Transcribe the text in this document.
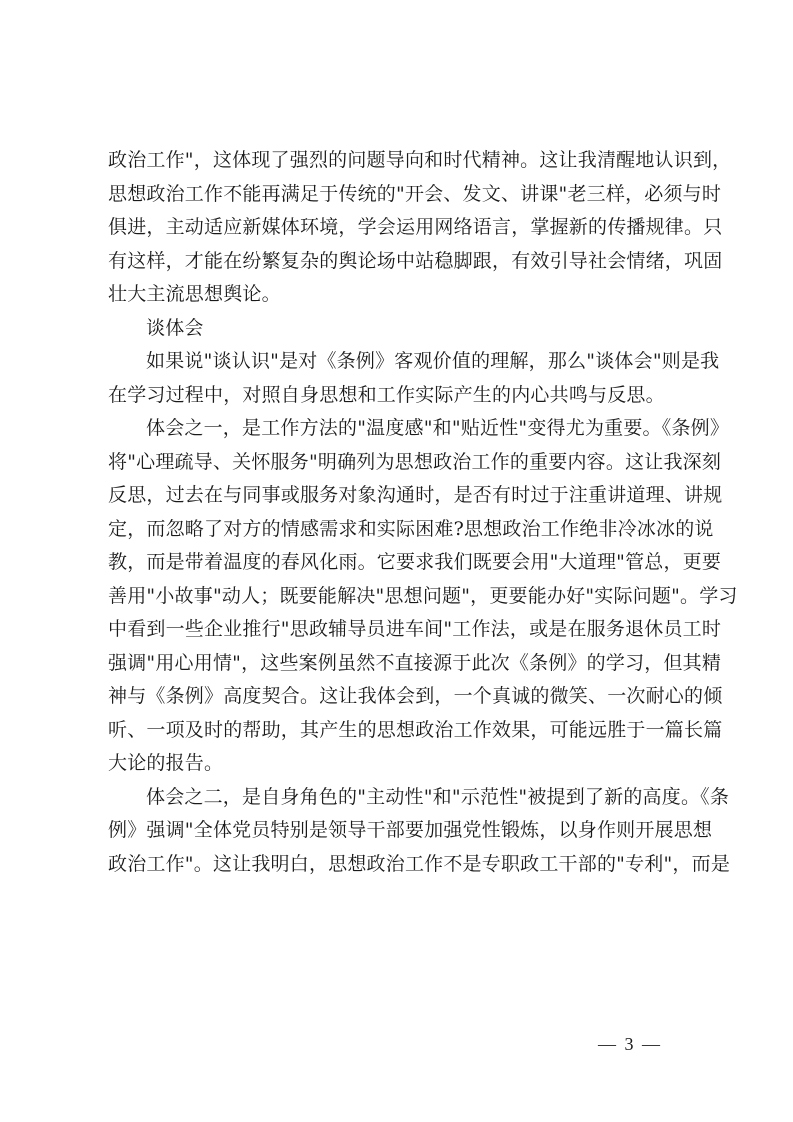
政治工作"，这体现了强烈的问题导向和时代精神。这让我清醒地认识到，
思想政治工作不能再满足于传统的"开会、发文、讲课"老三样，必须与时
俱进，主动适应新媒体环境，学会运用网络语言，掌握新的传播规律。只
有这样，才能在纷繁复杂的舆论场中站稳脚跟，有效引导社会情绪，巩固
壮大主流思想舆论。
谈体会
如果说"谈认识"是对《条例》客观价值的理解，那么"谈体会"则是我
在学习过程中，对照自身思想和工作实际产生的内心共鸣与反思。
体会之一，是工作方法的"温度感"和"贴近性"变得尤为重要。《条例》
将"心理疏导、关怀服务"明确列为思想政治工作的重要内容。这让我深刻
反思，过去在与同事或服务对象沟通时，是否有时过于注重讲道理、讲规
定，而忽略了对方的情感需求和实际困难?思想政治工作绝非冷冰冰的说
教，而是带着温度的春风化雨。它要求我们既要会用"大道理"管总，更要
善用"小故事"动人；既要能解决"思想问题"，更要能办好"实际问题"。学习
中看到一些企业推行"思政辅导员进车间"工作法，或是在服务退休员工时
强调"用心用情"，这些案例虽然不直接源于此次《条例》的学习，但其精
神与《条例》高度契合。这让我体会到，一个真诚的微笑、一次耐心的倾
听、一项及时的帮助，其产生的思想政治工作效果，可能远胜于一篇长篇
大论的报告。
体会之二，是自身角色的"主动性"和"示范性"被提到了新的高度。《条
例》强调"全体党员特别是领导干部要加强党性锻炼，以身作则开展思想
政治工作"。这让我明白，思想政治工作不是专职政工干部的"专利"，而是
— 3 —
